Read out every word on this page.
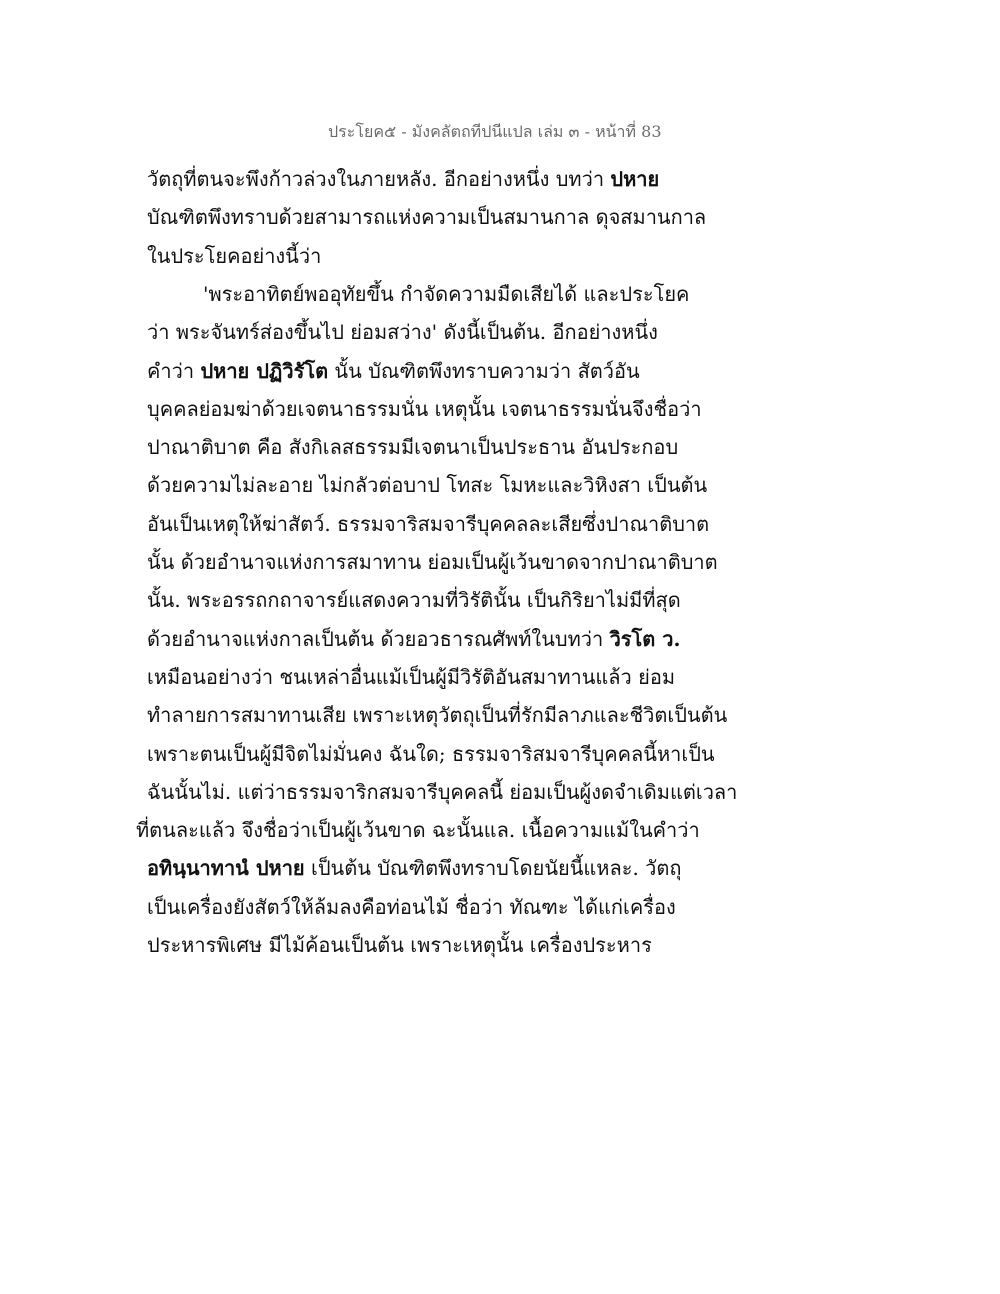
ประโยค๕ - มังคลัตถทีปนีแปล เล่ม ๓ - หน้าที่ 83
วัตถุที่ตนจะพึงก้าวล่วงในภายหลัง. อีกอย่างหนึ่ง บทว่า ปหาย
บัณฑิตพึงทราบด้วยสามารถแห่งความเป็นสมานกาล ดุจสมานกาล
ในประโยคอย่างนี้ว่า
'พระอาทิตย์พออุทัยขึ้น กำจัดความมืดเสียได้ และประโยค
ว่า พระจันทร์ส่องขึ้นไป ย่อมสว่าง' ดังนี้เป็นต้น. อีกอย่างหนึ่ง
คำว่า ปหาย ปฏิวิรัโต นั้น บัณฑิตพึงทราบความว่า สัตว์อัน
บุคคลย่อมฆ่าด้วยเจตนาธรรมนั่น เหตุนั้น เจตนาธรรมนั่นจึงชื่อว่า
ปาณาติบาต คือ สังกิเลสธรรมมีเจตนาเป็นประธาน อันประกอบ
ด้วยความไม่ละอาย ไม่กลัวต่อบาป โทสะ โมหะและวิหิงสา เป็นต้น
อันเป็นเหตุให้ฆ่าสัตว์. ธรรมจาริสมจารีบุคคลละเสียซึ่งปาณาติบาต
นั้น ด้วยอำนาจแห่งการสมาทาน ย่อมเป็นผู้เว้นขาดจากปาณาติบาต
นั้น. พระอรรถกถาจารย์แสดงความที่วิรัตินั้น เป็นกิริยาไม่มีที่สุด
ด้วยอำนาจแห่งกาลเป็นต้น ด้วยอวธารณศัพท์ในบทว่า วิรโต ว.
เหมือนอย่างว่า ชนเหล่าอื่นแม้เป็นผู้มีวิรัติอันสมาทานแล้ว ย่อม
ทำลายการสมาทานเสีย เพราะเหตุวัตถุเป็นที่รักมีลาภและชีวิตเป็นต้น
เพราะตนเป็นผู้มีจิตไม่มั่นคง ฉันใด; ธรรมจาริสมจารีบุคคลนี้หาเป็น
ฉันนั้นไม่. แต่ว่าธรรมจาริกสมจารีบุคคลนี้ ย่อมเป็นผู้งดจำเดิมแต่เวลา
ที่ตนละแล้ว จึงชื่อว่าเป็นผู้เว้นขาด ฉะนั้นแล. เนื้อความแม้ในคำว่า
อทินฺนาทานํ ปหาย เป็นต้น บัณฑิตพึงทราบโดยนัยนี้แหละ. วัตถุ
เป็นเครื่องยังสัตว์ให้ล้มลงคือท่อนไม้ ชื่อว่า ทัณฑะ ได้แก่เครื่อง
ประหารพิเศษ มีไม้ค้อนเป็นต้น เพราะเหตุนั้น เครื่องประหาร
